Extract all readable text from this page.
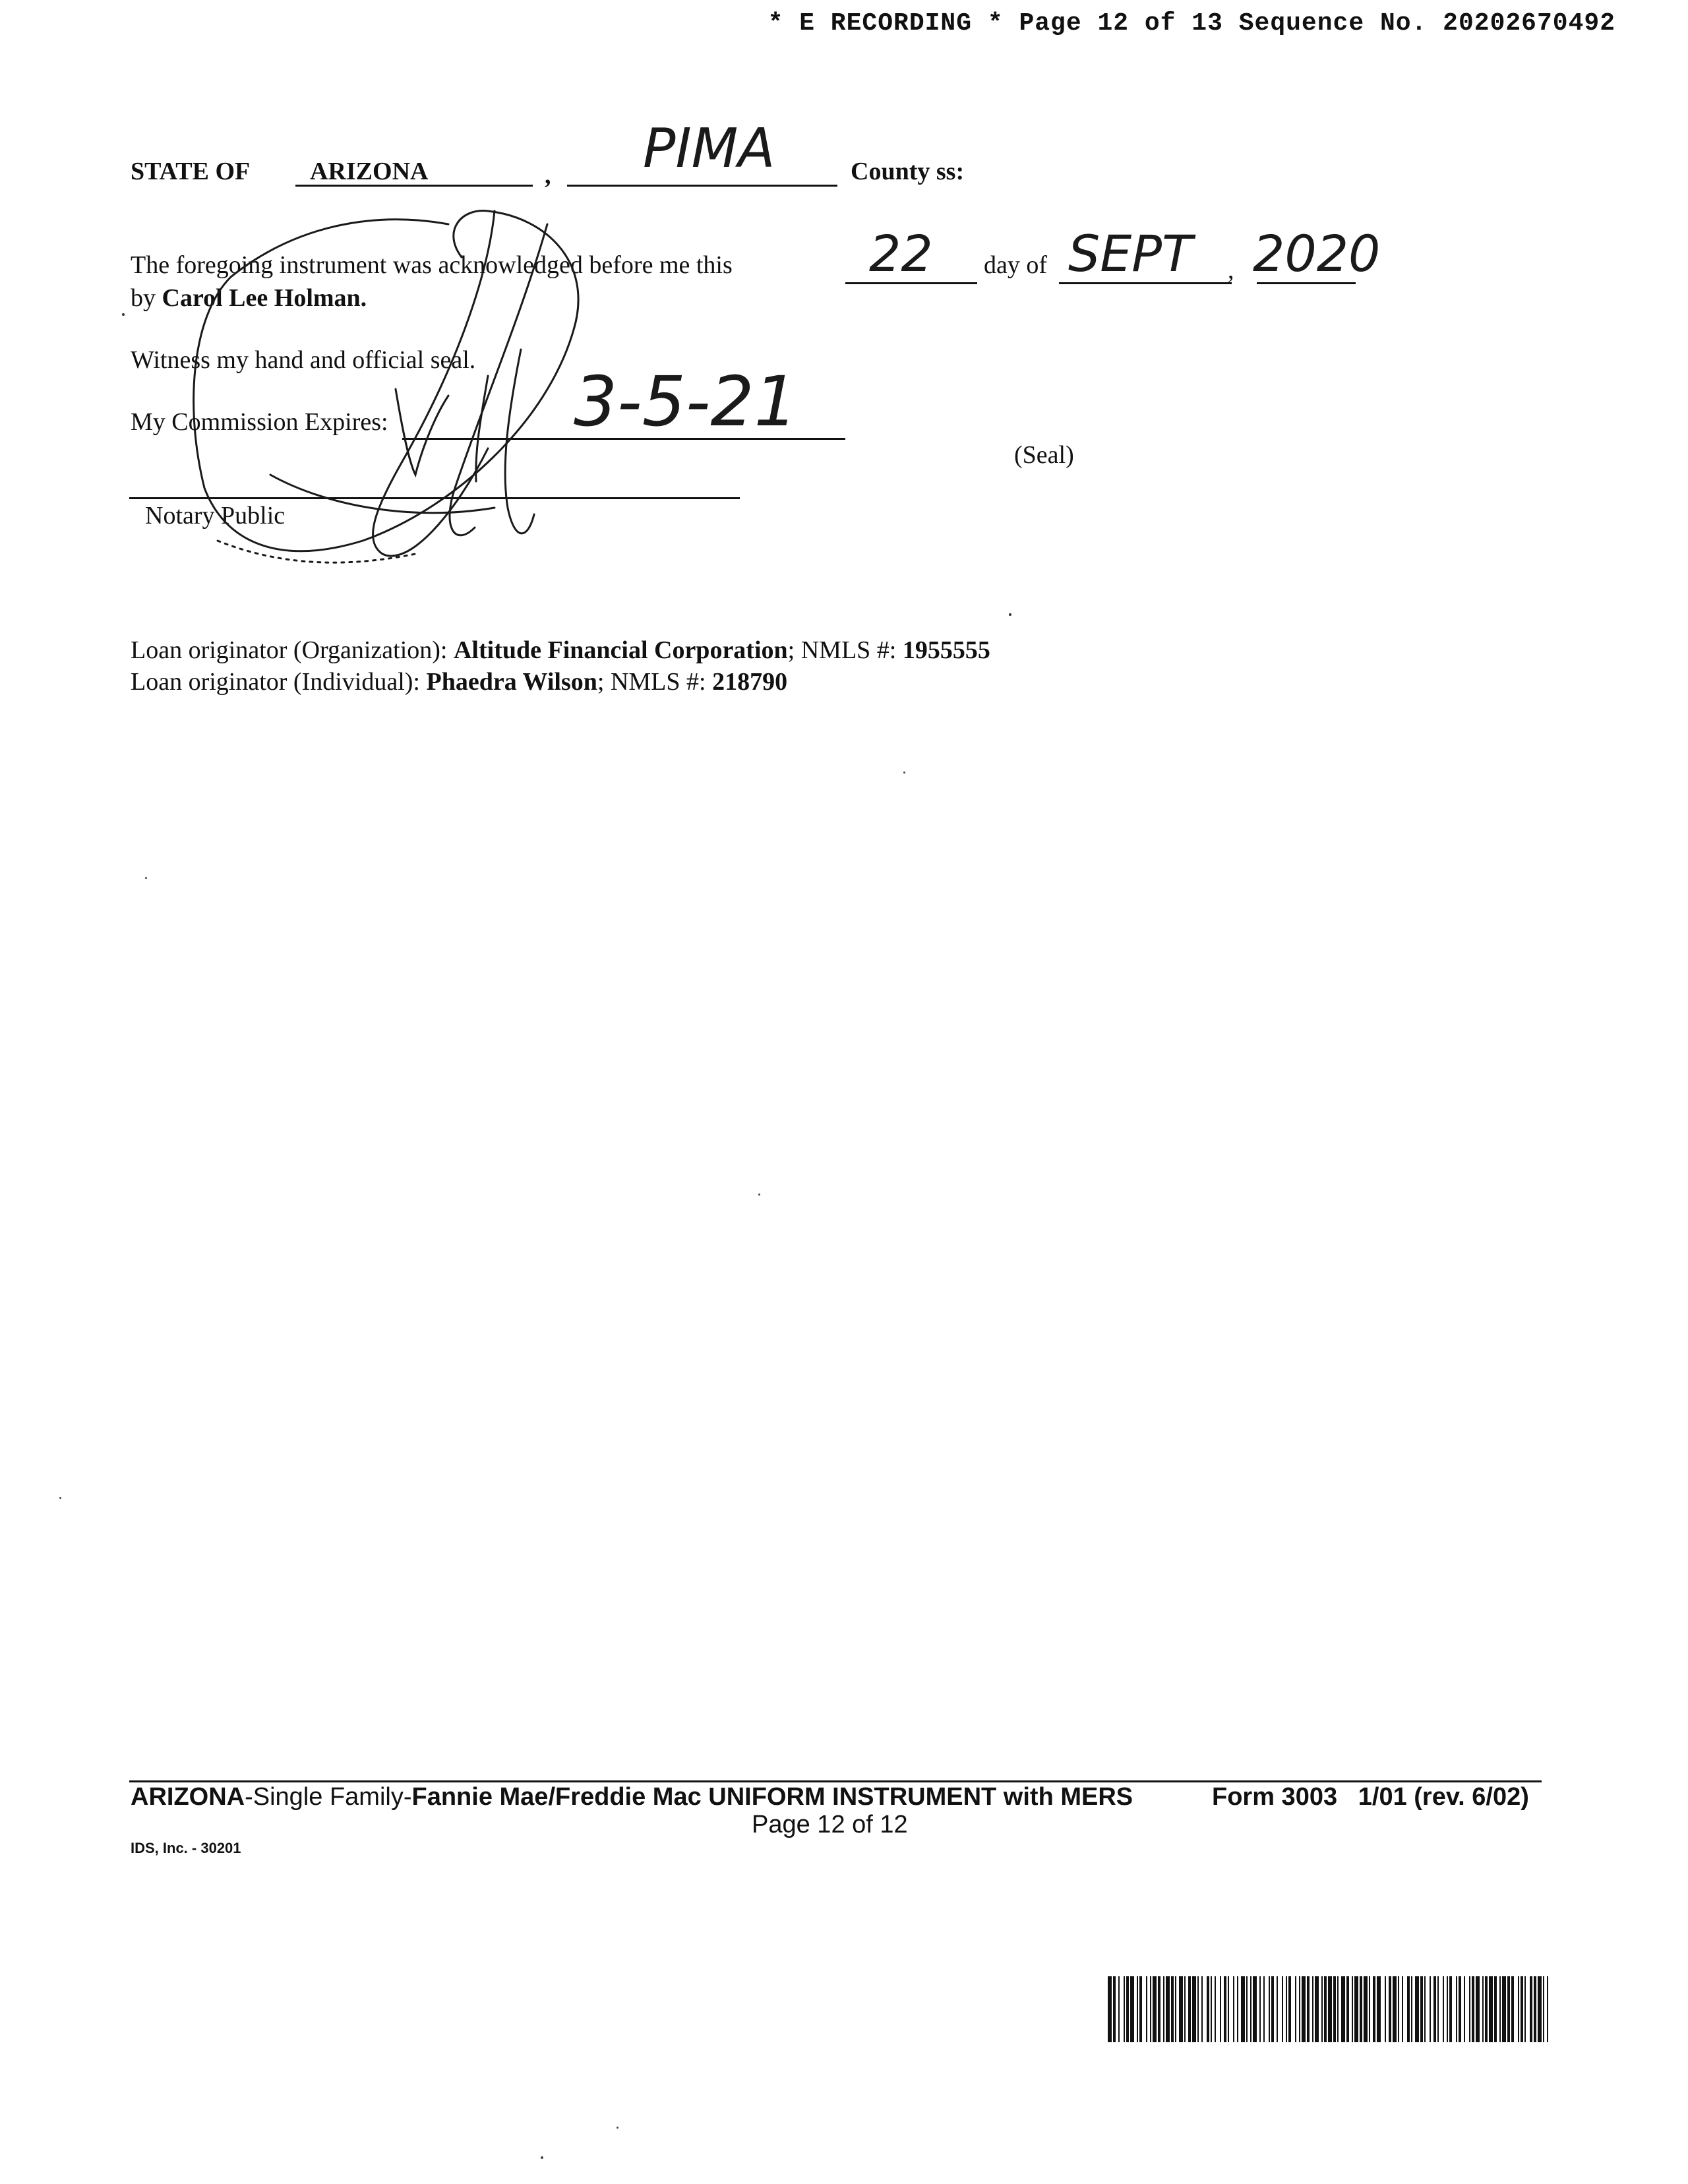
* E RECORDING * Page 12 of 13 Sequence No. 20202670492
STATE OF ARIZONA	, PIMA	County ss:
The foregoing instrument was acknowledged before me this	22 day of SEPT , 2020
by Carol Lee Holman.
Witness my hand and official seal.
My Commission Expires:	3-5-21
(Seal)
Notary Public
Loan originator (Organization): Altitude Financial Corporation; NMLS #: 1955555
Loan originator (Individual): Phaedra Wilson; NMLS #: 218790
ARIZONA-Single Family-Fannie Mae/Freddie Mac UNIFORM INSTRUMENT with MERS	Form 3003   1/01 (rev. 6/02)
Page 12 of 12
IDS, Inc. - 30201
